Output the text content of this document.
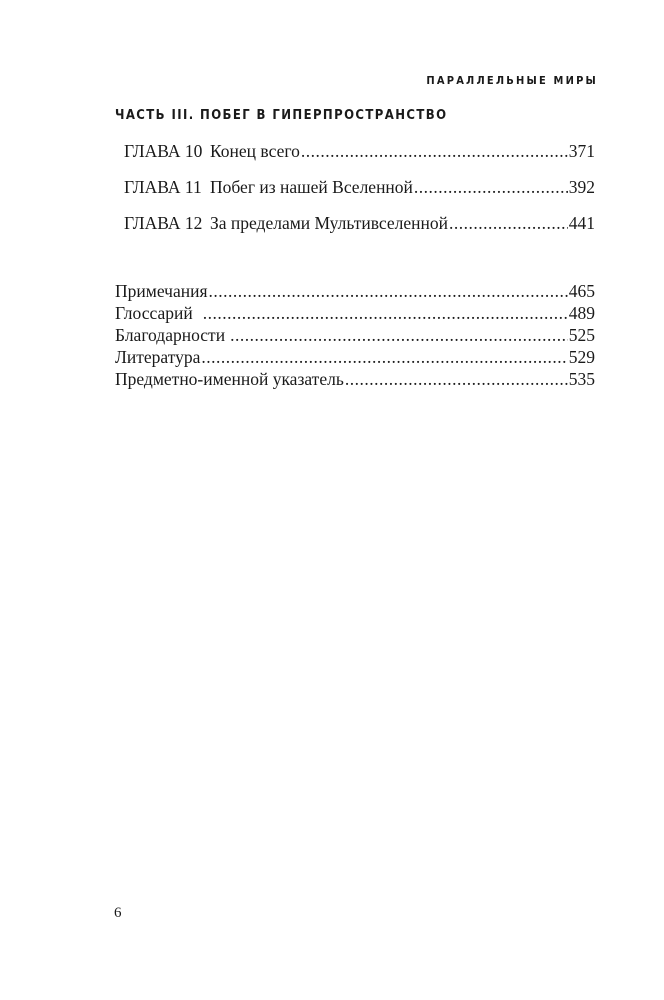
ПАРАЛЛЕЛЬНЫЕ МИРЫ
ЧАСТЬ III. ПОБЕГ В ГИПЕРПРОСТРАНСТВО
ГЛАВА 10 Конец всего .....	371
ГЛАВА 11 Побег из нашей Вселенной .....	392
ГЛАВА 12 За пределами Мультивселенной .....	441
Примечания .....	465
Глоссарий .....	489
Благодарности .....	525
Литература .....	529
Предметно-именной указатель .....	535
6
